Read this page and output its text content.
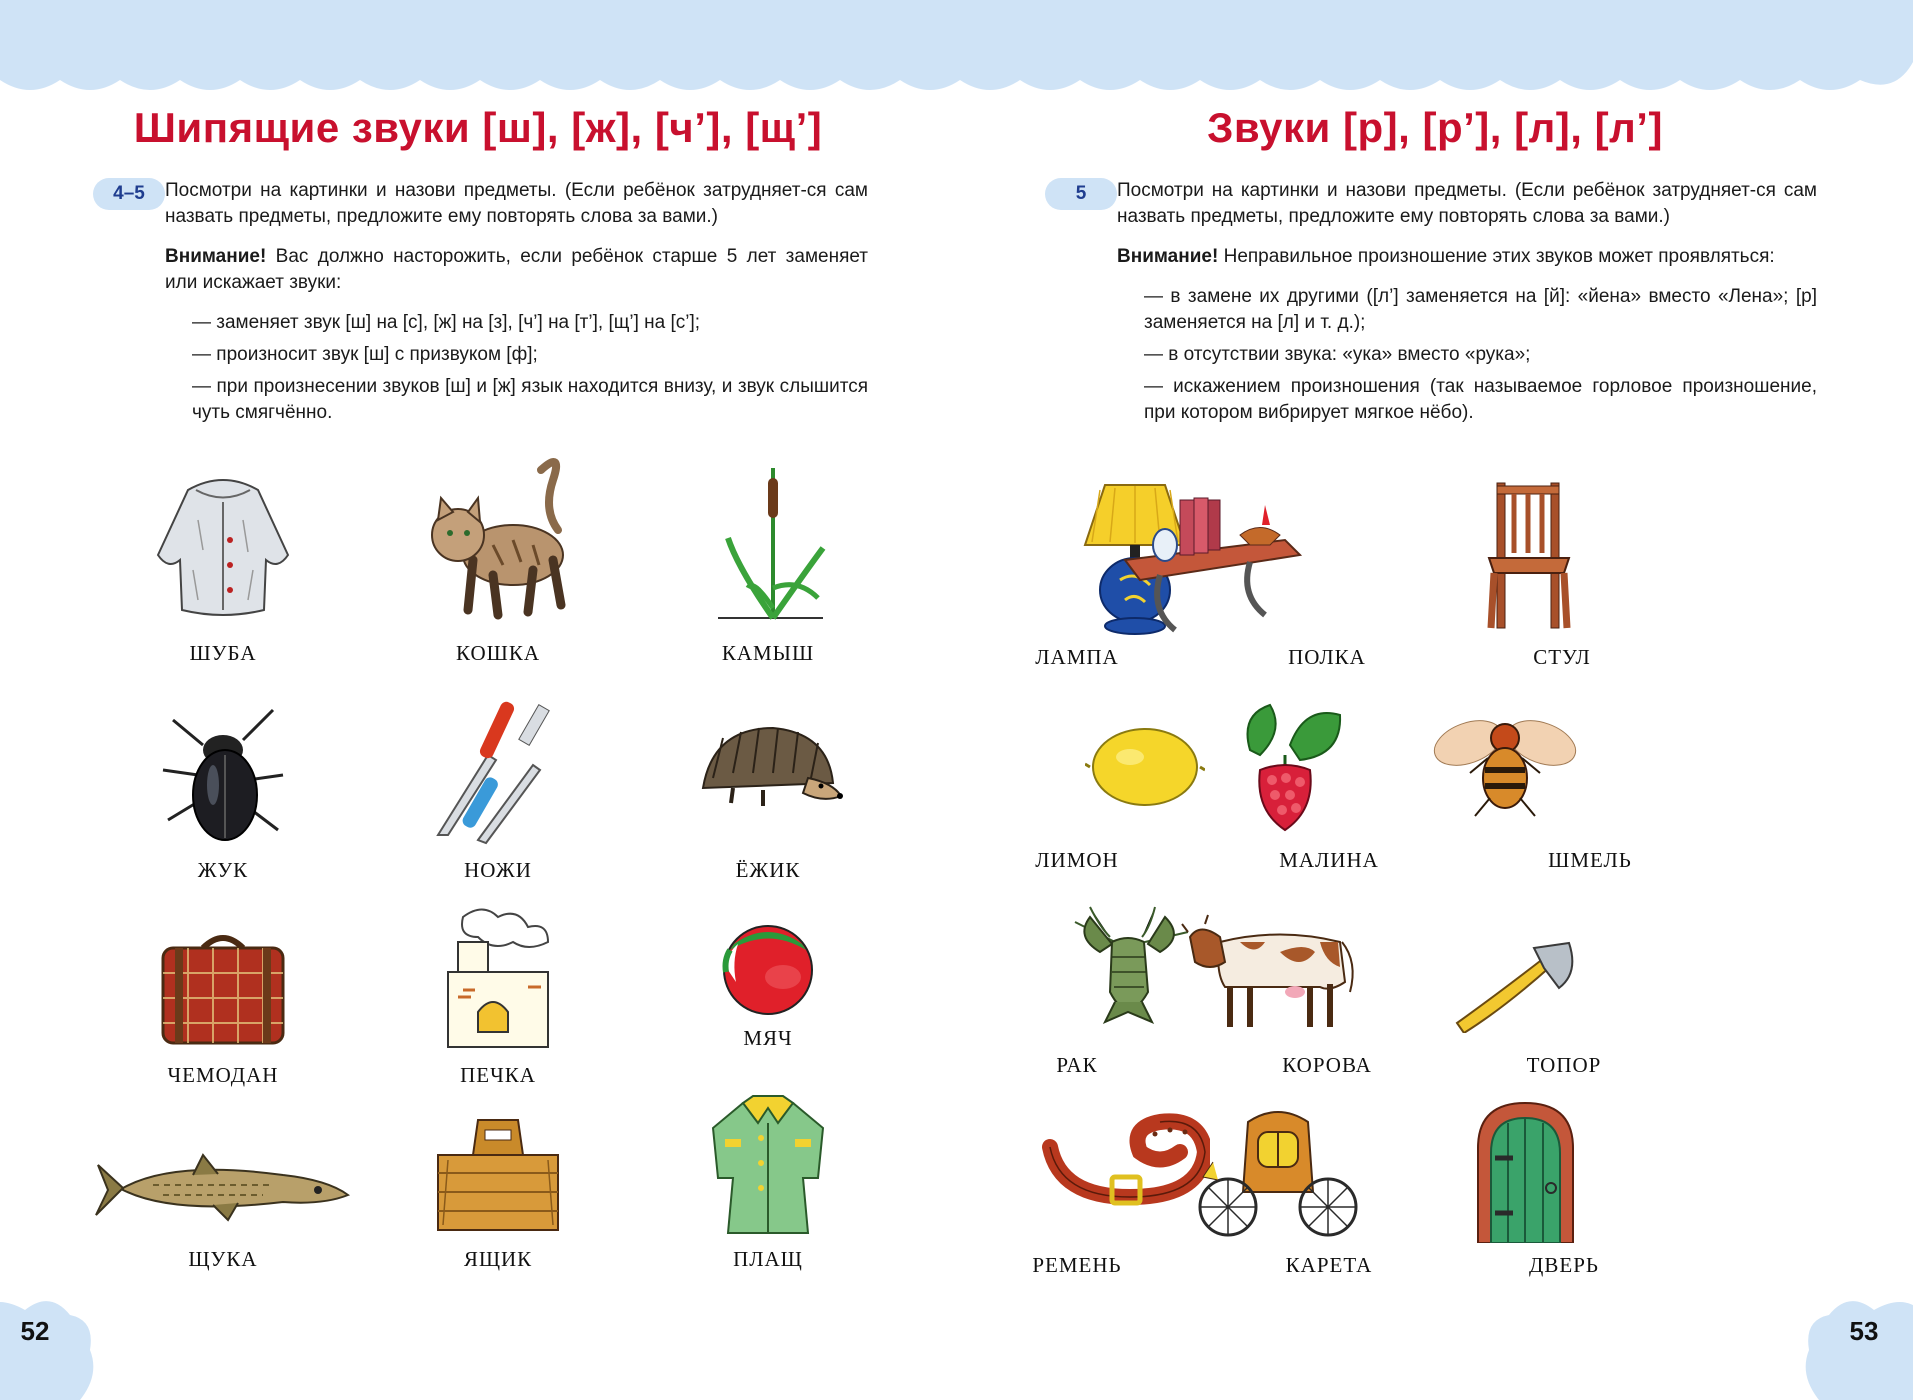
Шипящие звуки [ш], [ж], [ч’], [щ’]
4–5	Посмотри на картинки и назови предметы. (Если ребёнок затрудняет-ся сам назвать предметы, предложите ему повторять слова за вами.)

Внимание! Вас должно насторожить, если ребёнок старше 5 лет заменяет или искажает звуки:

— заменяет звук [ш] на [с], [ж] на [з], [ч’] на [т’], [щ’] на [с’];

— произносит звук [ш] с призвуком [ф];

— при произнесении звуков [ш] и [ж] язык находится внизу, и звук слышится чуть смягчённо.

ШУБА	КОШКА	КАМЫШ
ЖУК	НОЖИ	ЁЖИК
ЧЕМОДАН	ПЕЧКА
МЯЧ
ЩУКА	ЯЩИК	ПЛАЩ
52
Звуки [р], [р’], [л], [л’]
5	Посмотри на картинки и назови предметы. (Если ребёнок затрудняет-ся сам назвать предметы, предложите ему повторять слова за вами.)

Внимание! Неправильное произношение этих звуков может проявляться:

— в замене их другими ([л’] заменяется на [й]: «йена» вместо «Лена»; [р] заменяется на [л] и т. д.);

— в отсутствии звука: «ука» вместо «рука»;

— искажением произношения (так называемое горловое произношение, при котором вибрирует мягкое нёбо).

ЛАМПА	ПОЛКА	СТУЛ
ЛИМОН	МАЛИНА	ШМЕЛЬ
РАК	КОРОВА	ТОПОР
РЕМЕНЬ	КАРЕТА	ДВЕРЬ
53
